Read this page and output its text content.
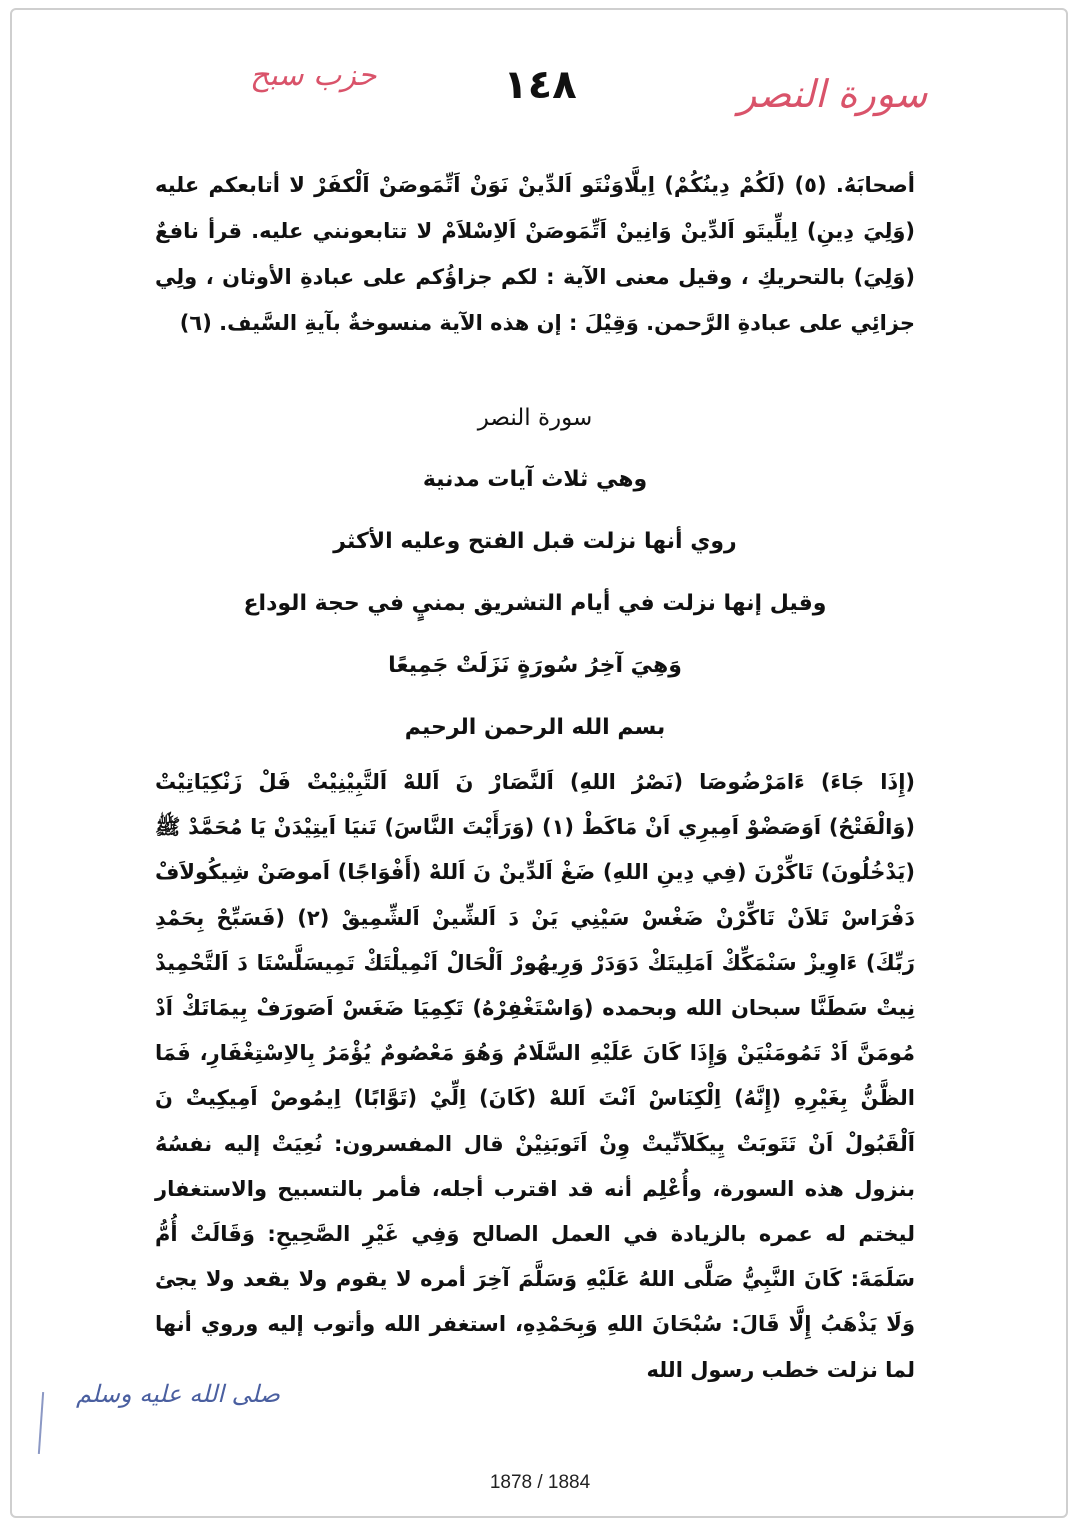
حزب سبح	١٤٨	سورة النصر

أصحابَهُ. (٥) (لَكُمْ دِينُكُمْ) اِيلَّاوَنْتَو اَلدِّينْ نَوَنْ اَتِّمَوصَنْ اَلْكفَرْ لا أتابعكم عليه (وَلِيَ دِينِ) اِيلِّيتَو اَلدِّينْ وَانِينْ اَتِّمَوصَنْ اَلاِسْلاَمْ لا تتابعونني عليه. قرأ نافعٌ (وَلِيَ) بالتحريكِ ، وقيل معنى الآية : لكم جزاؤُكم على عبادةِ الأوثان ، ولِي جزائِي على عبادةِ الرَّحمن. وَقِيْلَ : إن هذه الآية منسوخةٌ بآيةِ السَّيف. (٦)

سورة النصر
وهي ثلاث آيات مدنية
روي أنها نزلت قبل الفتح وعليه الأكثر
وقيل إنها نزلت في أيام التشريق بمنيٍ في حجة الوداع
وَهِيَ آخِرُ سُورَةٍ نَزَلَتْ جَمِيعًا
بسم الله الرحمن الرحيم

(إِذَا جَاءَ) ءَامَرْضُوصَا (نَصْرُ اللهِ) اَلنَّصَارْ نَ اَللهْ اَلتَّبِيْنِيْتْ فَلْ زَنْكِيَاتِيْتْ (وَالْفَتْحُ) اَوَصَضْوْ اَمِيرِي اَنْ مَاكَطْ (١) (وَرَأَيْتَ النَّاسَ) تَنيَا اَيتِيْدَنْ يَا مُحَمَّدْ ﷺ (يَدْخُلُونَ) تَاكِّرْنَ (فِي دِينِ اللهِ) ضَغْ اَلدِّينْ نَ اَللهْ (أَفْوَاجًا) اَموصَنْ شِيكُولاَفْ دَفْرَاسْ تَلاَنْ تَاكِّرْنْ ضَغْسْ سَيْنِي يَنْ دَ اَلشِّينْ اَلشِّمِيقْ (٢) (فَسَبِّحْ بِحَمْدِ رَبِّكَ) ءَاوِيزْ سَنْمَكِّكْ اَمَلِيتَكْ دَوَدَرْ وَرِيهُورْ اَلْحَالْ اَنْمِيلْتَكْ تَمِيسَلَّسْتَا دَ اَلتَّحْمِيدْ نِيتْ سَطَنَّا سبحان الله وبحمده (وَاسْتَغْفِرْهُ) تَكِمِيَا ضَغَسْ اَصَورَفْ بِيمَاتَكْ اَدْ مُومَنَّ اَدْ تَمُومَنْيَنْ وَإِذَا كَانَ عَلَيْهِ السَّلَامُ وَهُوَ مَعْصُومٌ يُؤْمَرُ بِالاِسْتِغْفَارِ، فَمَا الظَّنُّ بِغَيْرِهِ (إِنَّهُ) اِلْكِنَاسْ اَنْتَ اَللهْ (كَانَ) اِلِّيْ (تَوَّابًا) اِيمُوصْ اَمِيكِيتْ نَ اَلْقَبُولْ اَنْ تَتَوبَتْ يِيكَلاَنِّيتْ وِنْ اَتَوبَنِيْنْ قال المفسرون: نُعِيَتْ إليه نفسُهُ بنزول هذه السورة، وأُعْلِم أنه قد اقترب أجله، فأمر بالتسبيح والاستغفار ليختم له عمره بالزيادة في العمل الصالح وَفِي غَيْرِ الصَّحِيحِ: وَقَالَتْ أُمُّ سَلَمَةَ: كَانَ النَّبِيُّ صَلَّى اللهُ عَلَيْهِ وَسَلَّمَ آخِرَ أمره لا يقوم ولا يقعد ولا يجئ وَلَا يَذْهَبُ إِلَّا قَالَ: سُبْحَانَ اللهِ وَبِحَمْدِهِ، استغفر الله وأتوب إليه وروي أنها لما نزلت خطب رسول الله

صلى الله عليه وسلم
1878 / 1884
